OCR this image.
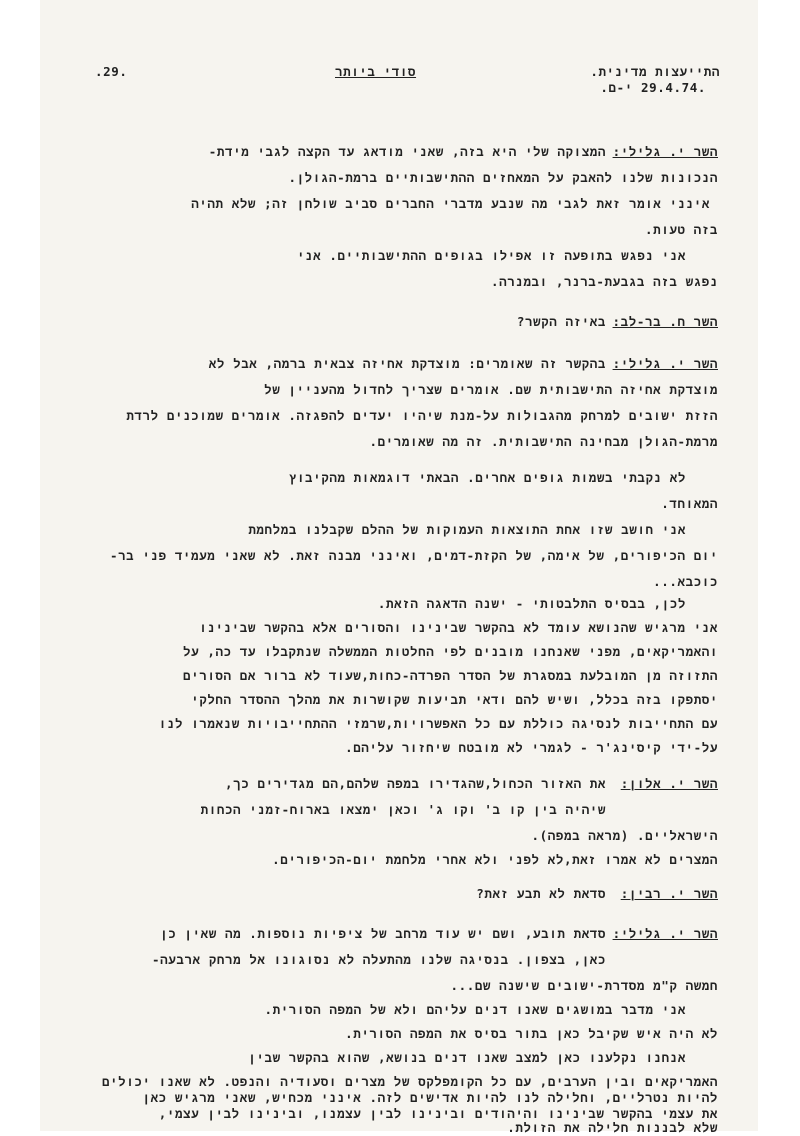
.29.	סודי ביותר	התייעצות מדינית.
.29.4.74 י-ם.
השר י. גלילי:
המצוקה שלי היא בזה, שאני מודאג עד הקצה לגבי מידת-
הנכונות שלנו להאבק על המאחזים ההתישבותיים ברמת-הגולן.
אינני אומר זאת לגבי מה שנבע מדברי החברים סביב שולחן זה; שלא תהיה
בזה טעות.
אני נפגש בתופעה זו אפילו בגופים ההתישבותיים. אני
נפגש בזה בגבעת-ברנר, ובמנרה.
השר ח. בר-לב:
באיזה הקשר?
השר י. גלילי:
בהקשר זה שאומרים: מוצדקת אחיזה צבאית ברמה, אבל לא
מוצדקת אחיזה התישבותית שם. אומרים שצריך לחדול מהעניין של
הזזת ישובים למרחק מהגבולות על-מנת שיהיו יעדים להפגזה. אומרים שמוכנים לרדת
מרמת-הגולן מבחינה התישבותית. זה מה שאומרים.
לא נקבתי בשמות גופים אחרים. הבאתי דוגמאות מהקיבוץ
המאוחד.
אני חושב שזו אחת התוצאות העמוקות של ההלם שקבלנו במלחמת
יום הכיפורים, של אימה, של הקזת-דמים, ואינני מבנה זאת. לא שאני מעמיד פני בר-
כוכבא...
לכן, בבסיס התלבטותי - ישנה הדאגה הזאת.
אני מרגיש שהנושא עומד לא בהקשר שבינינו והסורים אלא בהקשר שבינינו
והאמריקאים, מפני שאנחנו מובנים לפי החלטות הממשלה שנתקבלו עד כה, על
התזוזה מן המובלעת במסגרת של הסדר הפרדה-כחות,שעוד לא ברור אם הסורים
יסתפקו בזה בכלל, ושיש להם ודאי תביעות שקושרות את מהלך ההסדר החלקי
עם התחייבות לנסיגה כוללת עם כל האפשרויות,שרמזי ההתחייבויות שנאמרו לנו
על-ידי קיסינג'ר - לגמרי לא מובטח שיחזור עליהם.
השר י. אלון:
את האזור הכחול,שהגדירו במפה שלהם,הם מגדירים כך,
שיהיה בין קו ב' וקו ג' וכאן ימצאו בארוח-זמני הכחות
הישראליים. (מראה במפה).
המצרים לא אמרו זאת,לא לפני ולא אחרי מלחמת יום-הכיפורים.
השר י. רבין:
סדאת לא תבע זאת?
השר י. גלילי:
סדאת תובע, ושם יש עוד מרחב של ציפיות נוספות. מה שאין כן
כאן, בצפון. בנסיגה שלנו מהתעלה לא נסוגונו אל מרחק ארבעה-
חמשה ק"מ מסדרת-ישובים שישנה שם...
אני מדבר במושגים שאנו דנים עליהם ולא של המפה הסורית.
לא היה איש שקיבל כאן בתור בסיס את המפה הסורית.
אנחנו נקלענו כאן למצב שאנו דנים בנושא, שהוא בהקשר שבין
האמריקאים ובין הערבים, עם כל הקומפלקס של מצרים וסעודיה והנפט. לא שאנו יכולים
להיות נטרליים, וחלילה לנו להיות אדישים לזה. אינני מכחיש, שאני מרגיש כאן
את עצמי בהקשר שבינינו והיהודים ובינינו לבין עצמנו, ובינינו לבין עצמי,
שלא לבננות חלילה את הזולת.
